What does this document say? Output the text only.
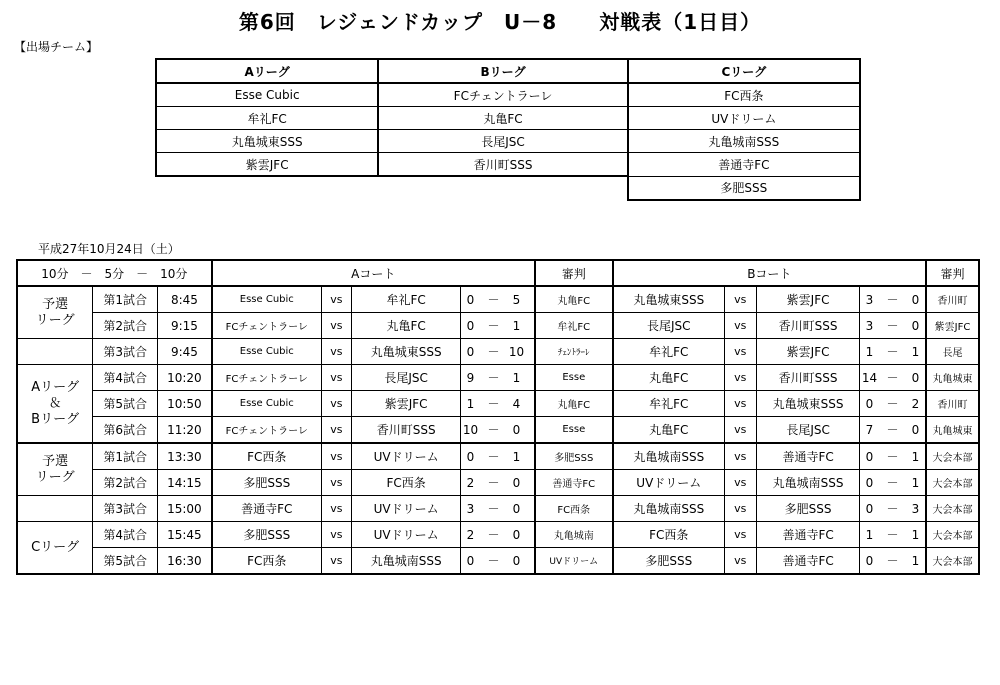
第6回　レジェンドカップ　U－8　　対戦表（1日目）
【出場チーム】
Aリーグ	Bリーグ	Cリーグ
Esse Cubic	FCチェントラーレ	FC西条
牟礼FC	丸亀FC	UVドリーム
丸亀城東SSS	長尾JSC	丸亀城南SSS
紫雲JFC	香川町SSS	善通寺FC
		多肥SSS
平成27年10月24日（土）
10分　－　5分　－　10分			Aコート				審判	Bコート				審判
予選
リーグ	第1試合	8:45	Esse Cubic	vs	牟礼FC	0 － 5	丸亀FC	丸亀城東SSS	vs	紫雲JFC	3 － 0	香川町
	第2試合	9:15	FCチェントラーレ	vs	丸亀FC	0 － 1	牟礼FC	長尾JSC	vs	香川町SSS	3 － 0	紫雲JFC
	第3試合	9:45	Esse Cubic	vs	丸亀城東SSS	0 － 10	ﾁｪﾝﾄﾗｰﾚ	牟礼FC	vs	紫雲JFC	1 － 1	長尾
Aリーグ
＆
Bリーグ	第4試合	10:20	FCチェントラーレ	vs	長尾JSC	9 － 1	Esse	丸亀FC	vs	香川町SSS	14 － 0	丸亀城東
	第5試合	10:50	Esse Cubic	vs	紫雲JFC	1 － 4	丸亀FC	牟礼FC	vs	丸亀城東SSS	0 － 2	香川町
	第6試合	11:20	FCチェントラーレ	vs	香川町SSS	10 － 0	Esse	丸亀FC	vs	長尾JSC	7 － 0	丸亀城東
予選
リーグ	第1試合	13:30	FC西条	vs	UVドリーム	0 － 1	多肥SSS	丸亀城南SSS	vs	善通寺FC	0 － 1	大会本部
	第2試合	14:15	多肥SSS	vs	FC西条	2 － 0	善通寺FC	UVドリーム	vs	丸亀城南SSS	0 － 1	大会本部
	第3試合	15:00	善通寺FC	vs	UVドリーム	3 － 0	FC西条	丸亀城南SSS	vs	多肥SSS	0 － 3	大会本部
Cリーグ	第4試合	15:45	多肥SSS	vs	UVドリーム	2 － 0	丸亀城南	FC西条	vs	善通寺FC	1 － 1	大会本部
	第5試合	16:30	FC西条	vs	丸亀城南SSS	0 － 0	UVドリーム	多肥SSS	vs	善通寺FC	0 － 1	大会本部
